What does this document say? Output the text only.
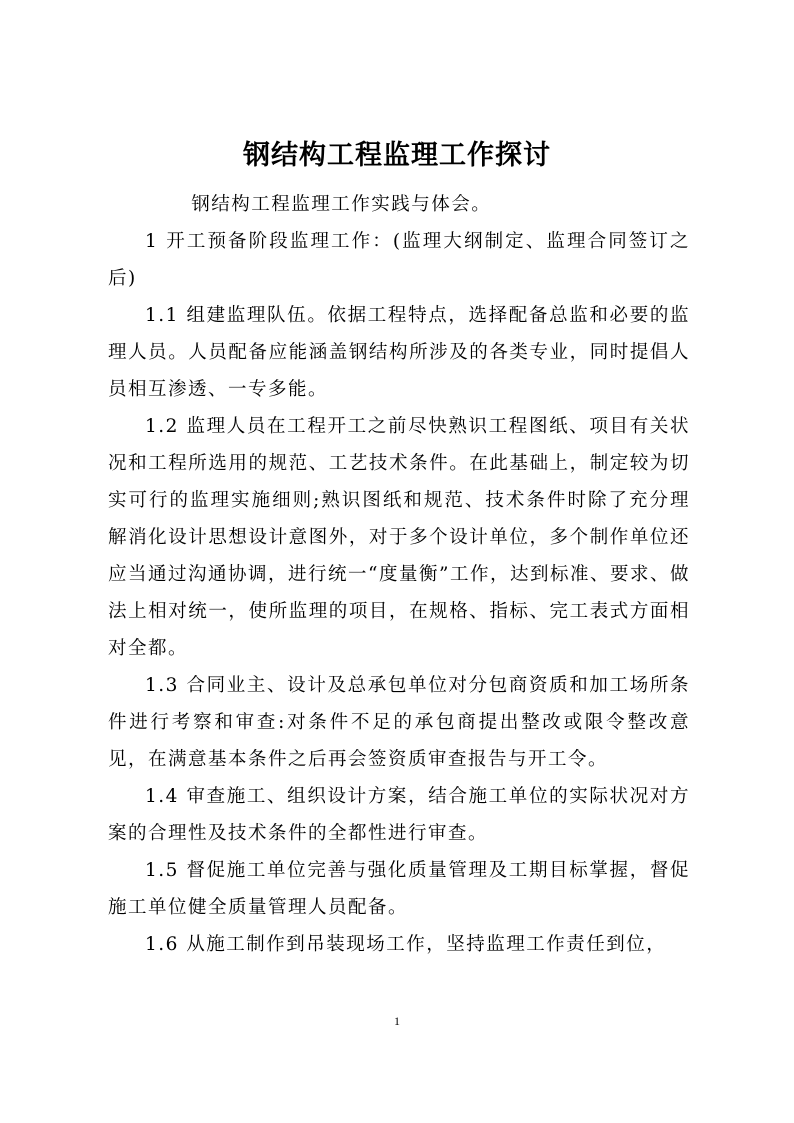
钢结构工程监理工作探讨

钢结构工程监理工作实践与体会。

1 开工预备阶段监理工作：(监理大纲制定、监理合同签订之后)

1.1 组建监理队伍。依据工程特点，选择配备总监和必要的监理人员。人员配备应能涵盖钢结构所涉及的各类专业，同时提倡人员相互渗透、一专多能。

1.2 监理人员在工程开工之前尽快熟识工程图纸、项目有关状况和工程所选用的规范、工艺技术条件。在此基础上，制定较为切实可行的监理实施细则;熟识图纸和规范、技术条件时除了充分理解消化设计思想设计意图外，对于多个设计单位，多个制作单位还应当通过沟通协调，进行统一“度量衡”工作，达到标准、要求、做法上相对统一，使所监理的项目，在规格、指标、完工表式方面相对全都。

1.3 合同业主、设计及总承包单位对分包商资质和加工场所条件进行考察和审查:对条件不足的承包商提出整改或限令整改意见，在满意基本条件之后再会签资质审查报告与开工令。

1.4 审查施工、组织设计方案，结合施工单位的实际状况对方案的合理性及技术条件的全都性进行审查。

1.5 督促施工单位完善与强化质量管理及工期目标掌握，督促施工单位健全质量管理人员配备。

1.6 从施工制作到吊装现场工作，坚持监理工作责任到位，

1
